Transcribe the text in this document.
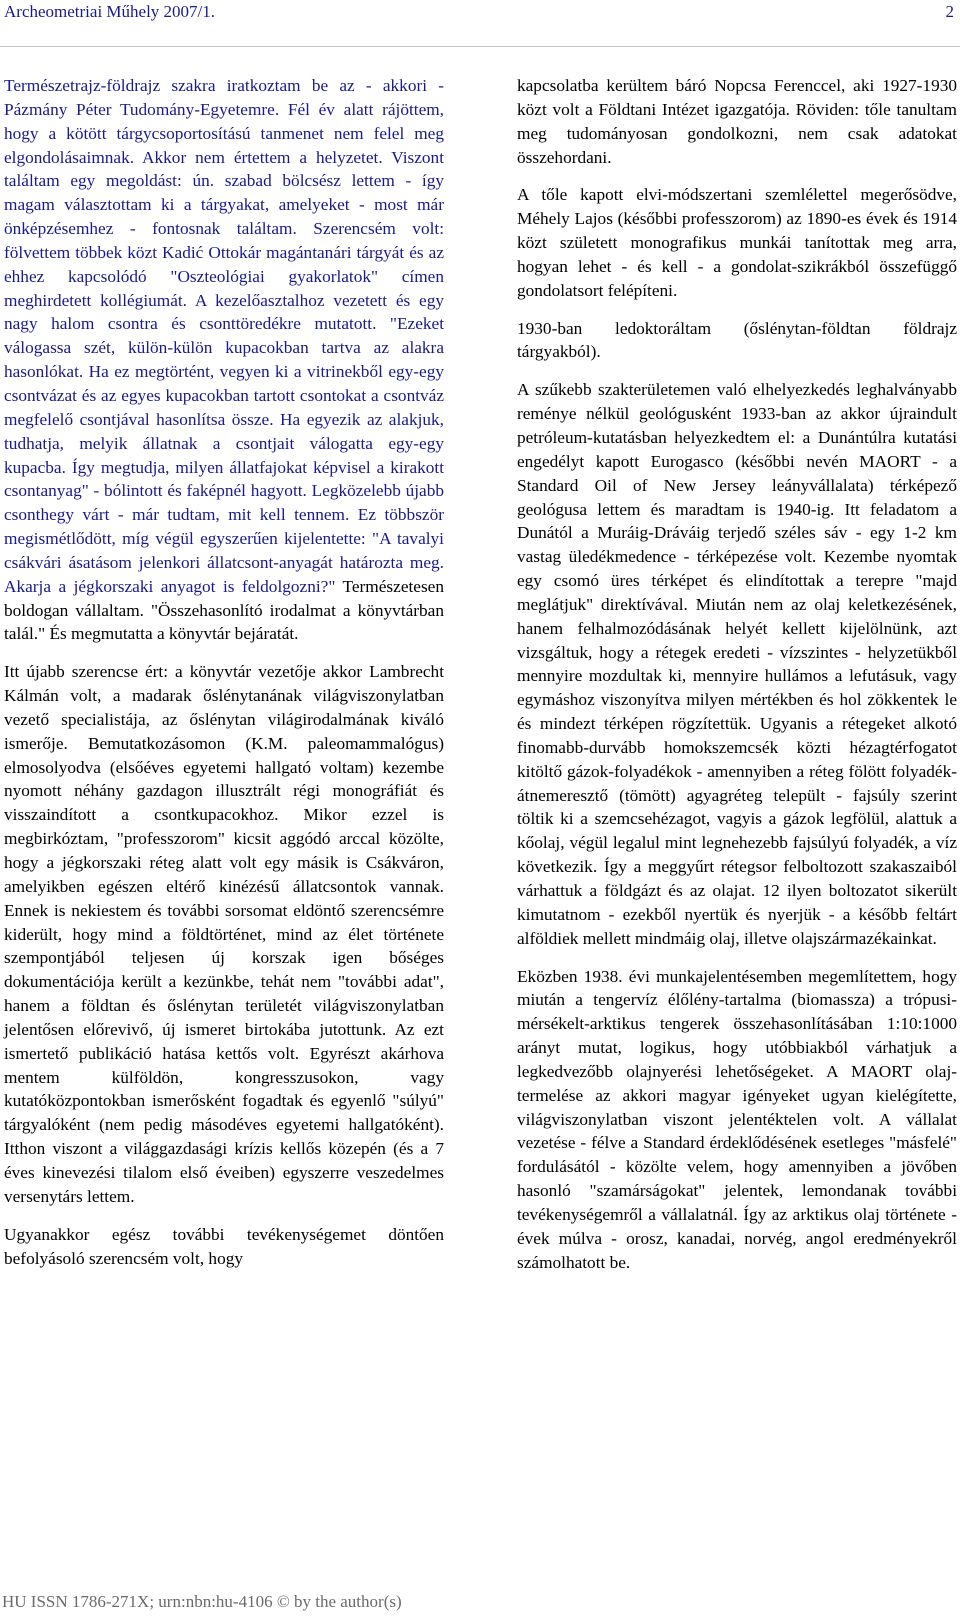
Archeometriai Műhely 2007/1.	2

Természetrajz-földrajz szakra iratkoztam be az - akkori - Pázmány Péter Tudomány-Egyetemre. Fél év alatt rájöttem, hogy a kötött tárgycsoportosítású tanmenet nem felel meg elgondolásaimnak. Akkor nem értettem a helyzetet. Viszont találtam egy megoldást: ún. szabad bölcsész lettem - így magam választottam ki a tárgyakat, amelyeket - most már önképzésemhez - fontosnak találtam. Szerencsém volt: fölvettem többek közt Kadić Ottokár magántanári tárgyát és az ehhez kapcsolódó "Oszteológiai gyakorlatok" címen meghirdetett kollégiumát. A kezelőasztalhoz vezetett és egy nagy halom csontra és csonttöredékre mutatott. "Ezeket válogassa szét, külön-külön kupacokban tartva az alakra hasonlókat. Ha ez megtörtént, vegyen ki a vitrinekből egy-egy csontvázat és az egyes kupacokban tartott csontokat a csontváz megfelelő csontjával hasonlítsa össze. Ha egyezik az alakjuk, tudhatja, melyik állatnak a csontjait válogatta egy-egy kupacba. Így megtudja, milyen állatfajokat képvisel a kirakott csontanyag" - bólintott és faképnél hagyott. Legközelebb újabb csonthegy várt - már tudtam, mit kell tennem. Ez többször megismétlődött, míg végül egyszerűen kijelentette: "A tavalyi csákvári ásatásom jelenkori állatcsont-anyagát határozta meg. Akarja a jégkorszaki anyagot is feldolgozni?" Természetesen boldogan vállaltam. "Összehasonlító irodalmat a könyvtárban talál." És megmutatta a könyvtár bejáratát.

Itt újabb szerencse ért: a könyvtár vezetője akkor Lambrecht Kálmán volt, a madarak őslénytanának világviszonylatban vezető specialistája, az őslénytan világirodalmának kiváló ismerője. Bemutatkozásomon (K.M. paleomammalógus) elmosolyodva (elsőéves egyetemi hallgató voltam) kezembe nyomott néhány gazdagon illusztrált régi monográfiát és visszaindított a csontkupacokhoz. Mikor ezzel is megbirkóztam, "professzorom" kicsit aggódó arccal közölte, hogy a jégkorszaki réteg alatt volt egy másik is Csákváron, amelyikben egészen eltérő kinézésű állatcsontok vannak. Ennek is nekiestem és további sorsomat eldöntő szerencsémre kiderült, hogy mind a földtörténet, mind az élet története szempontjából teljesen új korszak igen bőséges dokumentációja került a kezünkbe, tehát nem "további adat", hanem a földtan és őslénytan területét világviszonylatban jelentősen előrevivő, új ismeret birtokába jutottunk. Az ezt ismertető publikáció hatása kettős volt. Egyrészt akárhova mentem külföldön, kongresszusokon, vagy kutatóközpontokban ismerősként fogadtak és egyenlő "súlyú" tárgyalóként (nem pedig másodéves egyetemi hallgatóként). Itthon viszont a világgazdasági krízis kellős közepén (és a 7 éves kinevezési tilalom első éveiben) egyszerre veszedelmes versenytárs lettem.

Ugyanakkor egész további tevékenységemet döntően befolyásoló szerencsém volt, hogy

kapcsolatba kerültem báró Nopcsa Ferenccel, aki 1927-1930 közt volt a Földtani Intézet igazgatója. Röviden: tőle tanultam meg tudományosan gondolkozni, nem csak adatokat összehordani.

A tőle kapott elvi-módszertani szemlélettel megerősödve, Méhely Lajos (későbbi professzorom) az 1890-es évek és 1914 közt született monografikus munkái tanítottak meg arra, hogyan lehet - és kell - a gondolat-szikrákból összefüggő gondolatsort felépíteni.

1930-ban ledoktoráltam (őslénytan-földtan földrajz tárgyakból).

A szűkebb szakterületemen való elhelyezkedés leghalványabb reménye nélkül geológusként 1933-ban az akkor újraindult petróleum-kutatásban helyezkedtem el: a Dunántúlra kutatási engedélyt kapott Eurogasco (későbbi nevén MAORT - a Standard Oil of New Jersey leányvállalata) térképező geológusa lettem és maradtam is 1940-ig. Itt feladatom a Dunától a Muráig-Dráváig terjedő széles sáv - egy 1-2 km vastag üledékmedence - térképezése volt. Kezembe nyomtak egy csomó üres térképet és elindítottak a terepre "majd meglátjuk" direktívával. Miután nem az olaj keletkezésének, hanem felhalmozódásának helyét kellett kijelölnünk, azt vizsgáltuk, hogy a rétegek eredeti - vízszintes - helyzetükből mennyire mozdultak ki, mennyire hullámos a lefutásuk, vagy egymáshoz viszonyítva milyen mértékben és hol zökkentek le és mindezt térképen rögzítettük. Ugyanis a rétegeket alkotó finomabb-durvább homokszemcsék közti hézagtérfogatot kitöltő gázok-folyadékok - amennyiben a réteg fölött folyadék-átnemeresztő (tömött) agyagréteg települt - fajsúly szerint töltik ki a szemcsehézagot, vagyis a gázok legfölül, alattuk a kőolaj, végül legalul mint legnehezebb fajsúlyú folyadék, a víz következik. Így a meggyűrt rétegsor felboltozott szakaszaiból várhattuk a földgázt és az olajat. 12 ilyen boltozatot sikerült kimutatnom - ezekből nyertük és nyerjük - a később feltárt alföldiek mellett mindmáig olaj, illetve olajszármazékainkat.

Eközben 1938. évi munkajelentésemben megemlítettem, hogy miután a tengervíz élőlény-tartalma (biomassza) a trópusi-mérsékelt-arktikus tengerek összehasonlításában 1:10:1000 arányt mutat, logikus, hogy utóbbiakból várhatjuk a legkedvezőbb olajnyerési lehetőségeket. A MAORT olaj-termelése az akkori magyar igényeket ugyan kielégítette, világviszonylatban viszont jelentéktelen volt. A vállalat vezetése - félve a Standard érdeklődésének esetleges "másfelé" fordulásától - közölte velem, hogy amennyiben a jövőben hasonló "szamárságokat" jelentek, lemondanak további tevékenységemről a vállalatnál. Így az arktikus olaj története - évek múlva - orosz, kanadai, norvég, angol eredményekről számolhatott be.

HU ISSN 1786-271X; urn:nbn:hu-4106 © by the author(s)
